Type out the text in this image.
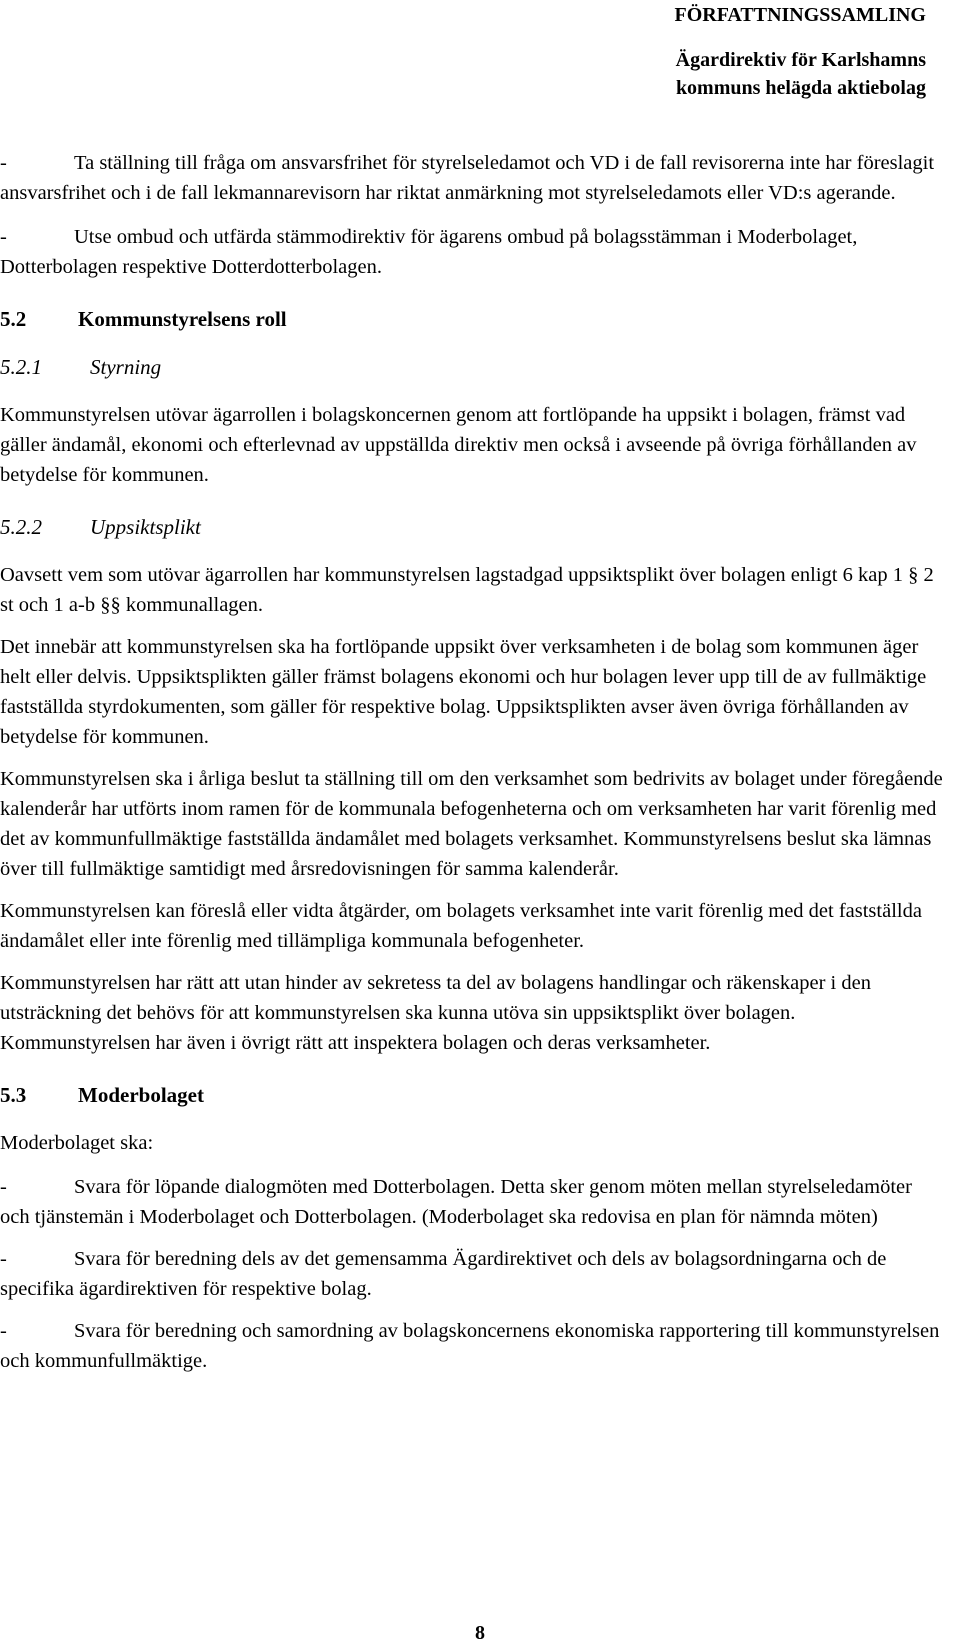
FÖRFATTNINGSSAMLING
Ägardirektiv för Karlshamns
kommuns helägda aktiebolag

-	Ta ställning till fråga om ansvarsfrihet för styrelseledamot och VD i de fall revisorerna inte har föreslagit ansvarsfrihet och i de fall lekmannarevisorn har riktat anmärkning mot styrelseledamots eller VD:s agerande.

-	Utse ombud och utfärda stämmodirektiv för ägarens ombud på bolagsstämman i Moderbolaget, Dotterbolagen respektive Dotterdotterbolagen.

5.2 Kommunstyrelsens roll
5.2.1 Styrning

Kommunstyrelsen utövar ägarrollen i bolagskoncernen genom att fortlöpande ha uppsikt i bolagen, främst vad gäller ändamål, ekonomi och efterlevnad av uppställda direktiv men också i avseende på övriga förhållanden av betydelse för kommunen.

5.2.2 Uppsiktsplikt

Oavsett vem som utövar ägarrollen har kommunstyrelsen lagstadgad uppsiktsplikt över bolagen enligt 6 kap 1 § 2 st och 1 a-b §§ kommunallagen.

Det innebär att kommunstyrelsen ska ha fortlöpande uppsikt över verksamheten i de bolag som kommunen äger helt eller delvis. Uppsiktsplikten gäller främst bolagens ekonomi och hur bolagen lever upp till de av fullmäktige fastställda styrdokumenten, som gäller för respektive bolag. Uppsiktsplikten avser även övriga förhållanden av betydelse för kommunen.

Kommunstyrelsen ska i årliga beslut ta ställning till om den verksamhet som bedrivits av bolaget under föregående kalenderår har utförts inom ramen för de kommunala befogenheterna och om verksamheten har varit förenlig med det av kommunfullmäktige fastställda ändamålet med bolagets verksamhet. Kommunstyrelsens beslut ska lämnas över till fullmäktige samtidigt med årsredovisningen för samma kalenderår.

Kommunstyrelsen kan föreslå eller vidta åtgärder, om bolagets verksamhet inte varit förenlig med det fastställda ändamålet eller inte förenlig med tillämpliga kommunala befogenheter.

Kommunstyrelsen har rätt att utan hinder av sekretess ta del av bolagens handlingar och räkenskaper i den utsträckning det behövs för att kommunstyrelsen ska kunna utöva sin uppsiktsplikt över bolagen. Kommunstyrelsen har även i övrigt rätt att inspektera bolagen och deras verksamheter.

5.3 Moderbolaget

Moderbolaget ska:

-	Svara för löpande dialogmöten med Dotterbolagen. Detta sker genom möten mellan styrelseledamöter och tjänstemän i Moderbolaget och Dotterbolagen. (Moderbolaget ska redovisa en plan för nämnda möten)

-	Svara för beredning dels av det gemensamma Ägardirektivet och dels av bolagsordningarna och de specifika ägardirektiven för respektive bolag.

-	Svara för beredning och samordning av bolagskoncernens ekonomiska rapportering till kommunstyrelsen och kommunfullmäktige.

8
